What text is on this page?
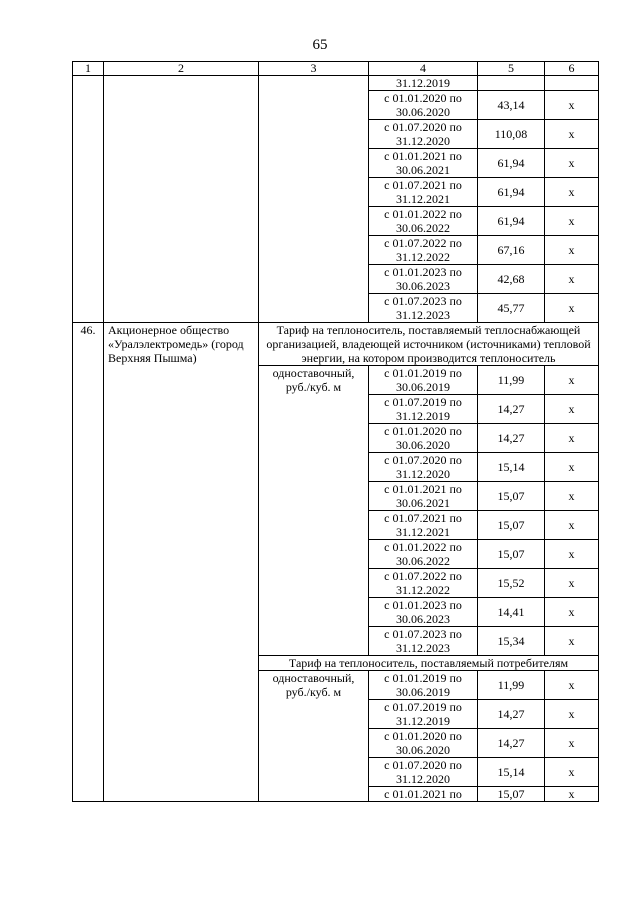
65
1	2	3	4	5	6
			31.12.2019		
			с 01.01.2020 по 30.06.2020	43,14	х
			с 01.07.2020 по 31.12.2020	110,08	х
			с 01.01.2021 по 30.06.2021	61,94	х
			с 01.07.2021 по 31.12.2021	61,94	х
			с 01.01.2022 по 30.06.2022	61,94	х
			с 01.07.2022 по 31.12.2022	67,16	х
			с 01.01.2023 по 30.06.2023	42,68	х
			с 01.07.2023 по 31.12.2023	45,77	х
46.	Акционерное общество «Уралэлектромедь» (город Верхняя Пышма)	Тариф на теплоноситель, поставляемый теплоснабжающей организацией, владеющей источником (источниками) тепловой энергии, на котором производится теплоноситель			
		одноставочный, руб./куб. м	с 01.01.2019 по 30.06.2019	11,99	х
			с 01.07.2019 по 31.12.2019	14,27	х
			с 01.01.2020 по 30.06.2020	14,27	х
			с 01.07.2020 по 31.12.2020	15,14	х
			с 01.01.2021 по 30.06.2021	15,07	х
			с 01.07.2021 по 31.12.2021	15,07	х
			с 01.01.2022 по 30.06.2022	15,07	х
			с 01.07.2022 по 31.12.2022	15,52	х
			с 01.01.2023 по 30.06.2023	14,41	х
			с 01.07.2023 по 31.12.2023	15,34	х
		Тариф на теплоноситель, поставляемый потребителям			
		одноставочный, руб./куб. м	с 01.01.2019 по 30.06.2019	11,99	х
			с 01.07.2019 по 31.12.2019	14,27	х
			с 01.01.2020 по 30.06.2020	14,27	х
			с 01.07.2020 по 31.12.2020	15,14	х
			с 01.01.2021 по	15,07	х
